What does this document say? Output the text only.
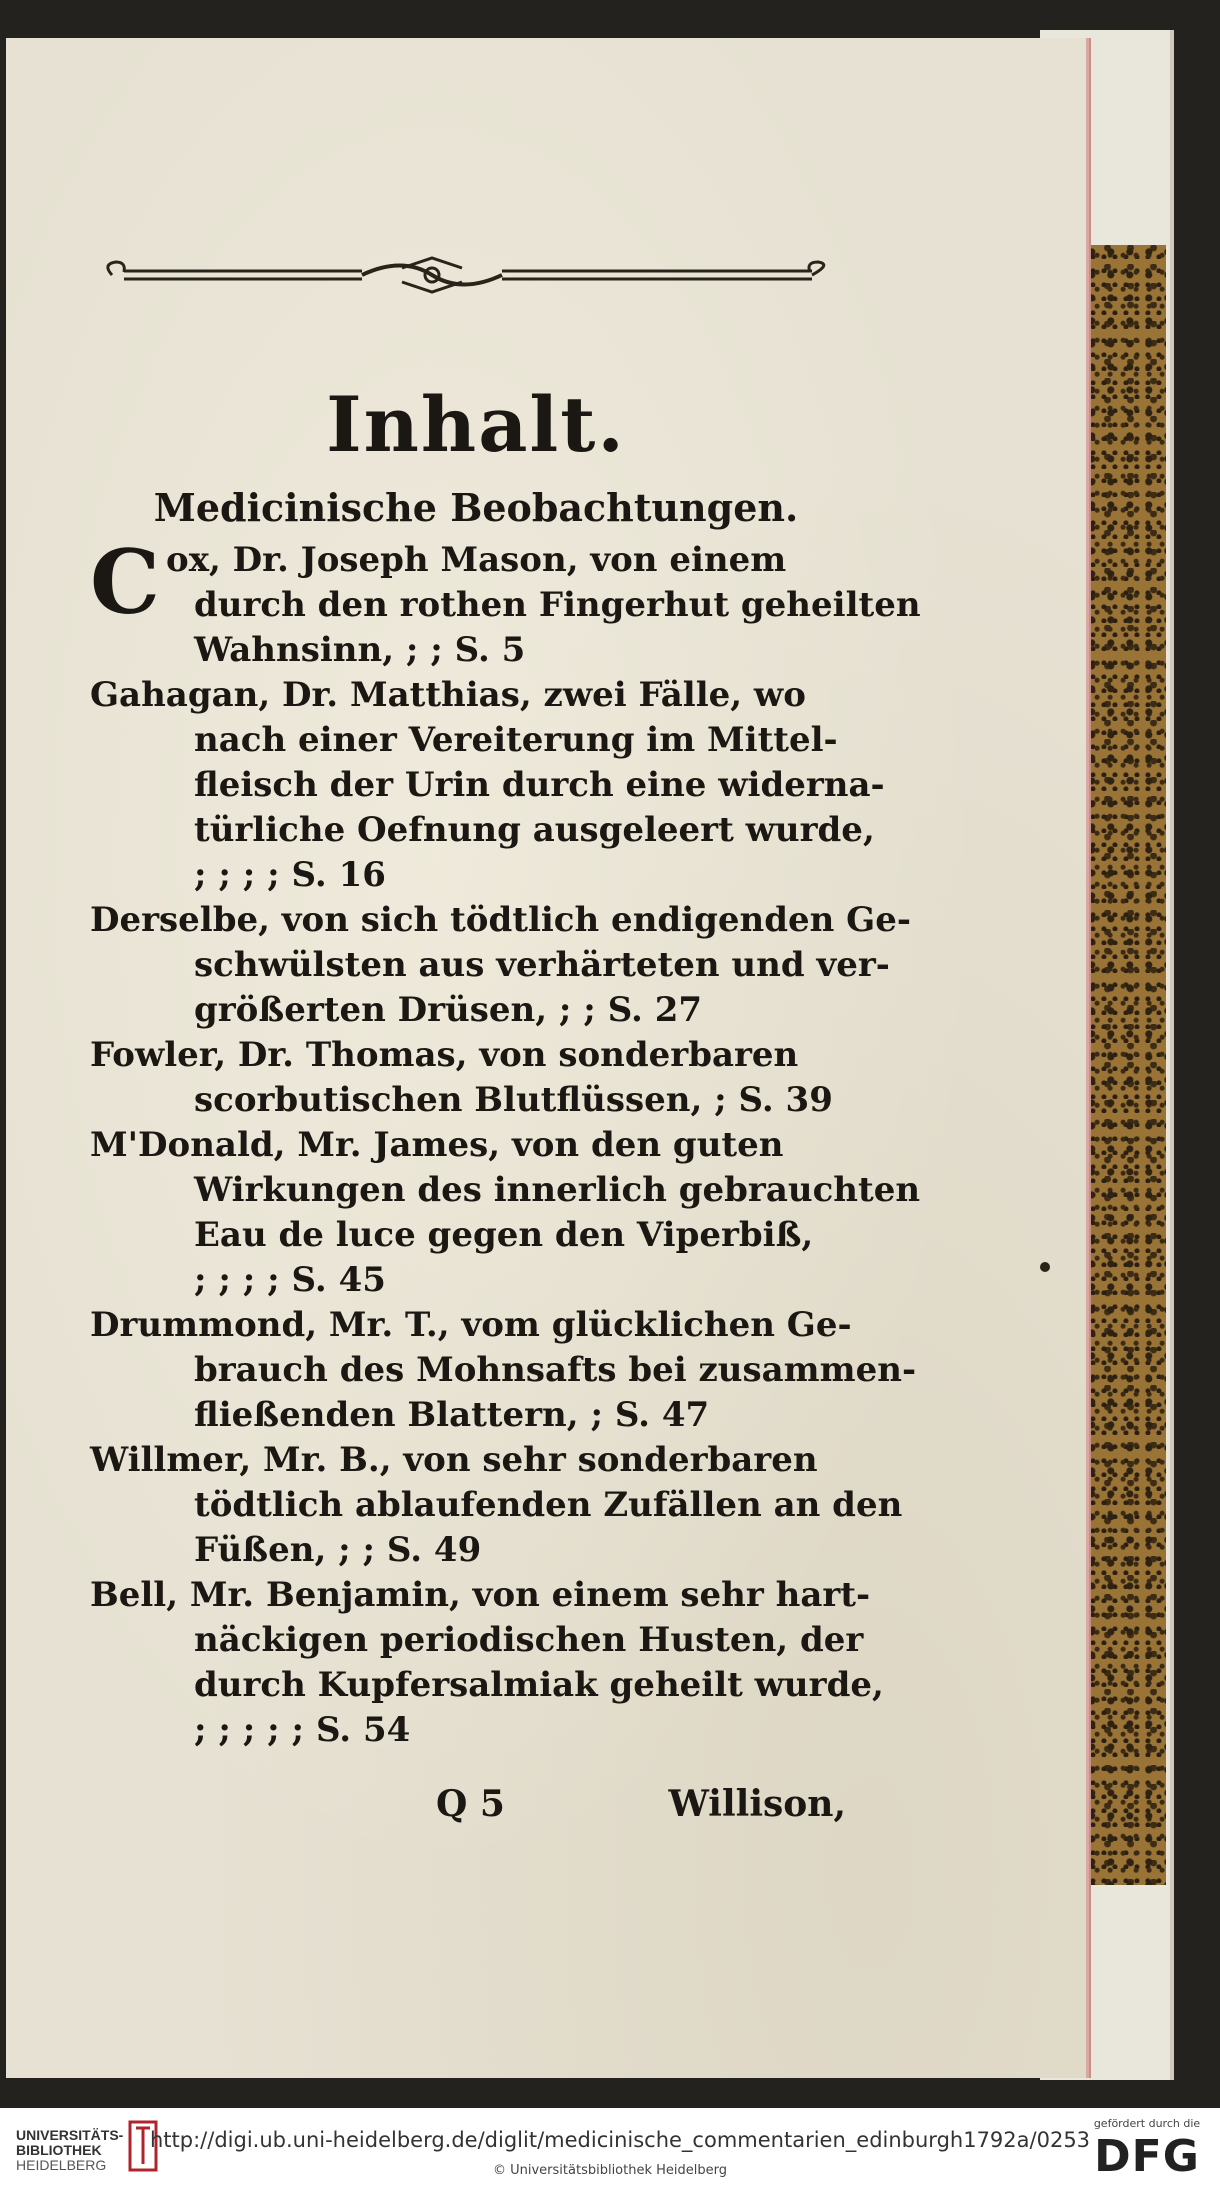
Inhalt.
Medicinische Beobachtungen.
Cox, Dr. Joseph Mason, von einem
durch den rothen Fingerhut geheilten
Wahnsinn, ; ; S. 5
Gahagan, Dr. Matthias, zwei Fälle, wo
nach einer Vereiterung im Mittel-
fleisch der Urin durch eine widerna-
türliche Oefnung ausgeleert wurde,
; ; ; ; S. 16
Derselbe, von sich tödtlich endigenden Ge-
schwülsten aus verhärteten und ver-
größerten Drüsen, ; ; S. 27
Fowler, Dr. Thomas, von sonderbaren
scorbutischen Blutflüssen, ; S. 39
M'Donald, Mr. James, von den guten
Wirkungen des innerlich gebrauchten
Eau de luce gegen den Viperbiß,
; ; ; ; S. 45
Drummond, Mr. T., vom glücklichen Ge-
brauch des Mohnsafts bei zusammen-
fließenden Blattern, ; S. 47
Willmer, Mr. B., von sehr sonderbaren
tödtlich ablaufenden Zufällen an den
Füßen, ; ; S. 49
Bell, Mr. Benjamin, von einem sehr hart-
näckigen periodischen Husten, der
durch Kupfersalmiak geheilt wurde,
; ; ; ; ; S. 54
Q 5	Willison,
UNIVERSITÄTS-
BIBLIOTHEK
HEIDELBERG
http://digi.ub.uni-heidelberg.de/diglit/medicinische_commentarien_edinburgh1792a/0253
© Universitätsbibliothek Heidelberg
gefördert durch die
DFG
